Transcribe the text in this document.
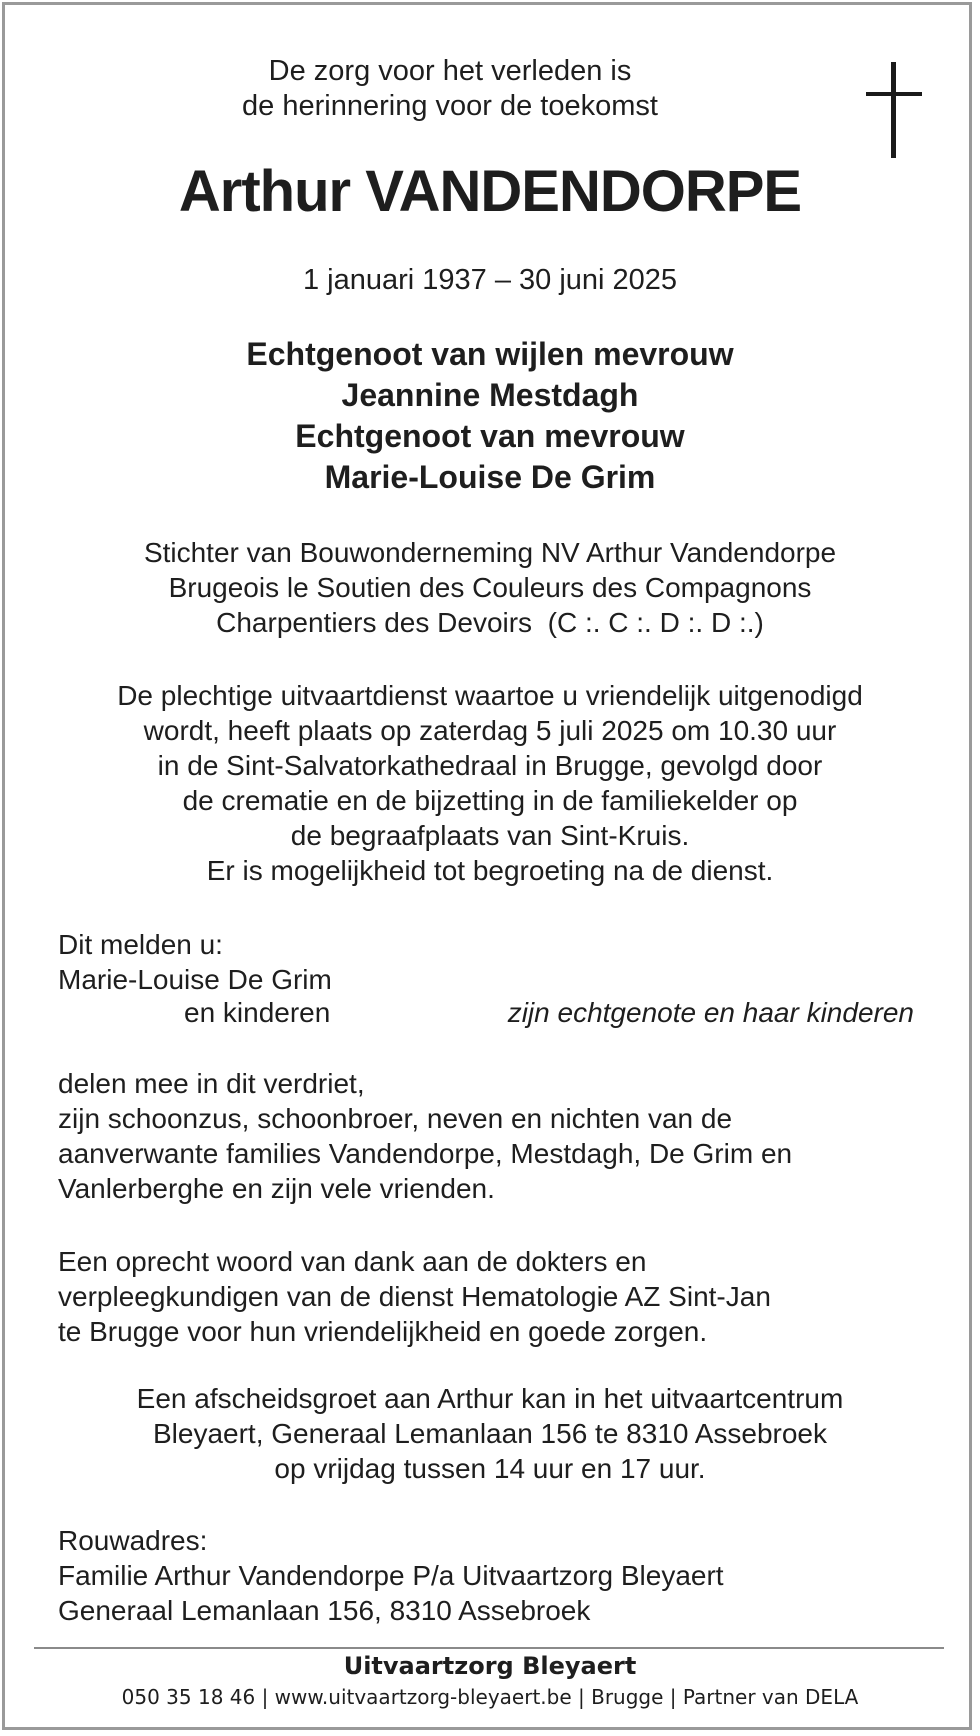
De zorg voor het verleden is
de herinnering voor de toekomst
Arthur VANDENDORPE
1 januari 1937 – 30 juni 2025
Echtgenoot van wijlen mevrouw
Jeannine Mestdagh
Echtgenoot van mevrouw
Marie-Louise De Grim
Stichter van Bouwonderneming NV Arthur Vandendorpe
Brugeois le Soutien des Couleurs des Compagnons
Charpentiers des Devoirs  (C :. C :. D :. D :.)
De plechtige uitvaartdienst waartoe u vriendelijk uitgenodigd
wordt, heeft plaats op zaterdag 5 juli 2025 om 10.30 uur
in de Sint-Salvatorkathedraal in Brugge, gevolgd door
de crematie en de bijzetting in de familiekelder op
de begraafplaats van Sint-Kruis.
Er is mogelijkheid tot begroeting na de dienst.
Dit melden u:
Marie-Louise De Grim
en kinderen	zijn echtgenote en haar kinderen
delen mee in dit verdriet,
zijn schoonzus, schoonbroer, neven en nichten van de
aanverwante families Vandendorpe, Mestdagh, De Grim en
Vanlerberghe en zijn vele vrienden.
Een oprecht woord van dank aan de dokters en
verpleegkundigen van de dienst Hematologie AZ Sint-Jan
te Brugge voor hun vriendelijkheid en goede zorgen.
Een afscheidsgroet aan Arthur kan in het uitvaartcentrum
Bleyaert, Generaal Lemanlaan 156 te 8310 Assebroek
op vrijdag tussen 14 uur en 17 uur.
Rouwadres:
Familie Arthur Vandendorpe P/a Uitvaartzorg Bleyaert
Generaal Lemanlaan 156, 8310 Assebroek
Uitvaartzorg Bleyaert
050 35 18 46 | www.uitvaartzorg-bleyaert.be | Brugge | Partner van DELA
